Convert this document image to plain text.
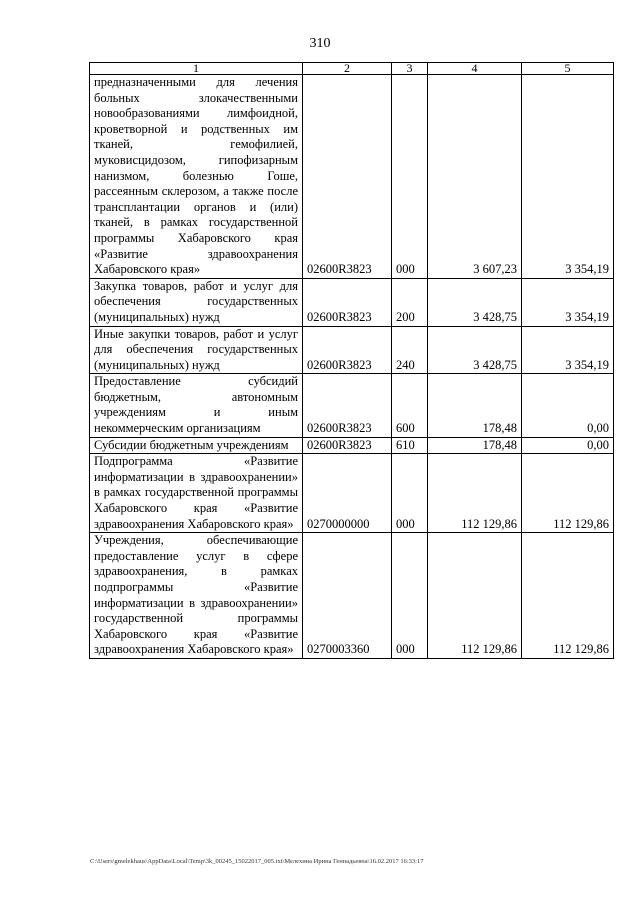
310
1	2	3	4	5
предназначенными для лечения больных злокачественными новообразованиями лимфоидной, кроветворной и родственных им тканей, гемофилией, муковисцидозом, гипофизарным нанизмом, болезнью Гоше, рассеянным склерозом, а также после трансплантации органов и (или) тканей, в рамках государственной программы Хабаровского края «Развитие здравоохранения Хабаровского края»	02600R3823	000	3 607,23	3 354,19
Закупка товаров, работ и услуг для обеспечения государственных (муниципальных) нужд	02600R3823	200	3 428,75	3 354,19
Иные закупки товаров, работ и услуг для обеспечения государственных (муниципальных) нужд	02600R3823	240	3 428,75	3 354,19
Предоставление субсидий бюджетным, автономным учреждениям и иным некоммерческим организациям	02600R3823	600	178,48	0,00
Субсидии бюджетным учреждениям	02600R3823	610	178,48	0,00
Подпрограмма «Развитие информатизации в здравоохранении» в рамках государственной программы Хабаровского края «Развитие здравоохранения Хабаровского края»	0270000000	000	112 129,86	112 129,86
Учреждения, обеспечивающие предоставление услуг в сфере здравоохранения, в рамках подпрограммы «Развитие информатизации в здравоохранении» государственной программы Хабаровского края «Развитие здравоохранения Хабаровского края»	0270003360	000	112 129,86	112 129,86
C:\Users\gmelekhaus\AppData\Local\Temp\3k_00245_15022017_005.txt\Мелехина Ирина Геннадьевна\16.02.2017 16:33:17
